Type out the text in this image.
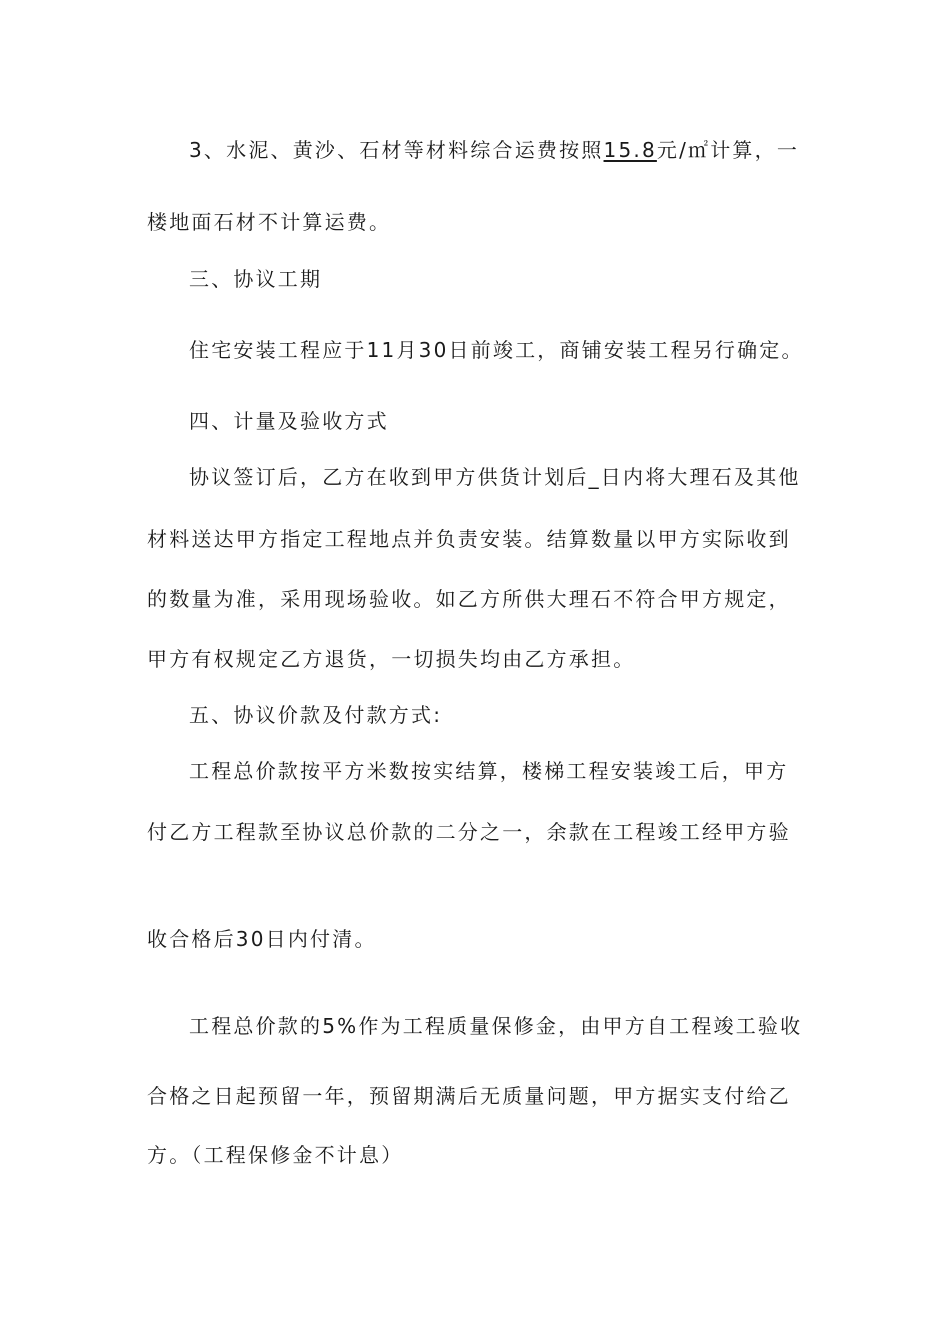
3、水泥、黄沙、石材等材料综合运费按照15.8元/㎡计算，一
楼地面石材不计算运费。
三、协议工期
住宅安装工程应于11月30日前竣工，商铺安装工程另行确定。
四、计量及验收方式
协议签订后，乙方在收到甲方供货计划后_日内将大理石及其他
材料送达甲方指定工程地点并负责安装。结算数量以甲方实际收到
的数量为准，采用现场验收。如乙方所供大理石不符合甲方规定，
甲方有权规定乙方退货，一切损失均由乙方承担。
五、协议价款及付款方式:
工程总价款按平方米数按实结算，楼梯工程安装竣工后，甲方
付乙方工程款至协议总价款的二分之一，余款在工程竣工经甲方验
收合格后30日内付清。
工程总价款的5%作为工程质量保修金，由甲方自工程竣工验收
合格之日起预留一年，预留期满后无质量问题，甲方据实支付给乙
方。（工程保修金不计息）
